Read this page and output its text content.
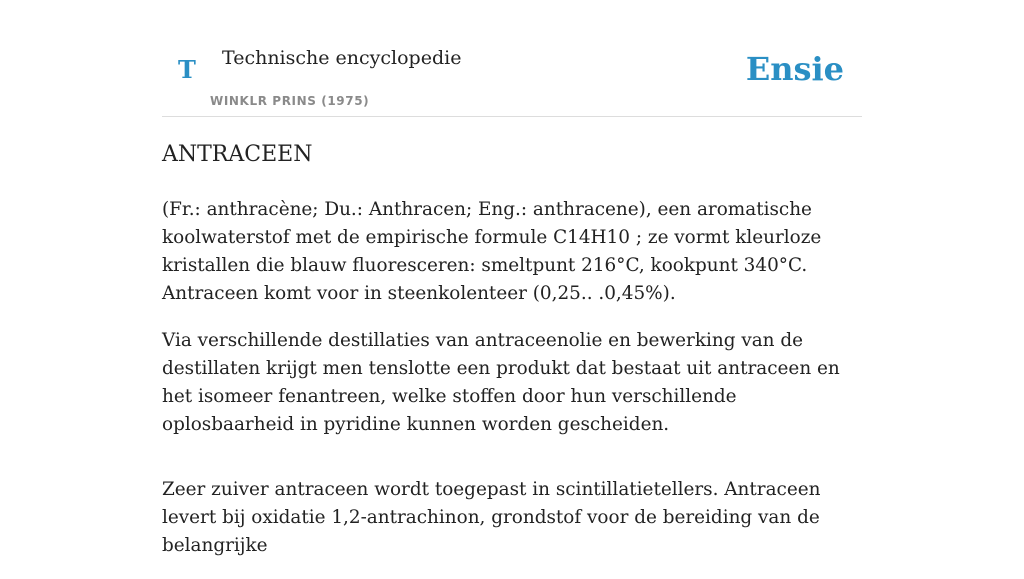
T Technische encyclopedie
WINKLR PRINS (1975)
Ensie
ANTRACEEN

(Fr.: anthracène; Du.: Anthracen; Eng.: anthracene), een aromatische koolwaterstof met de empirische formule C14H10 ; ze vormt kleurloze kristallen die blauw fluoresceren: smeltpunt 216°C, kookpunt 340°C. Antraceen komt voor in steenkolenteer (0,25.. .0,45%).

Via verschillende destillaties van antraceenolie en bewerking van de destillaten krijgt men tenslotte een produkt dat bestaat uit antraceen en het isomeer fenantreen, welke stoffen door hun verschillende oplosbaarheid in pyridine kunnen worden gescheiden.

Zeer zuiver antraceen wordt toegepast in scintillatietellers. Antraceen levert bij oxidatie 1,2-antrachinon, grondstof voor de bereiding van de belangrijke
